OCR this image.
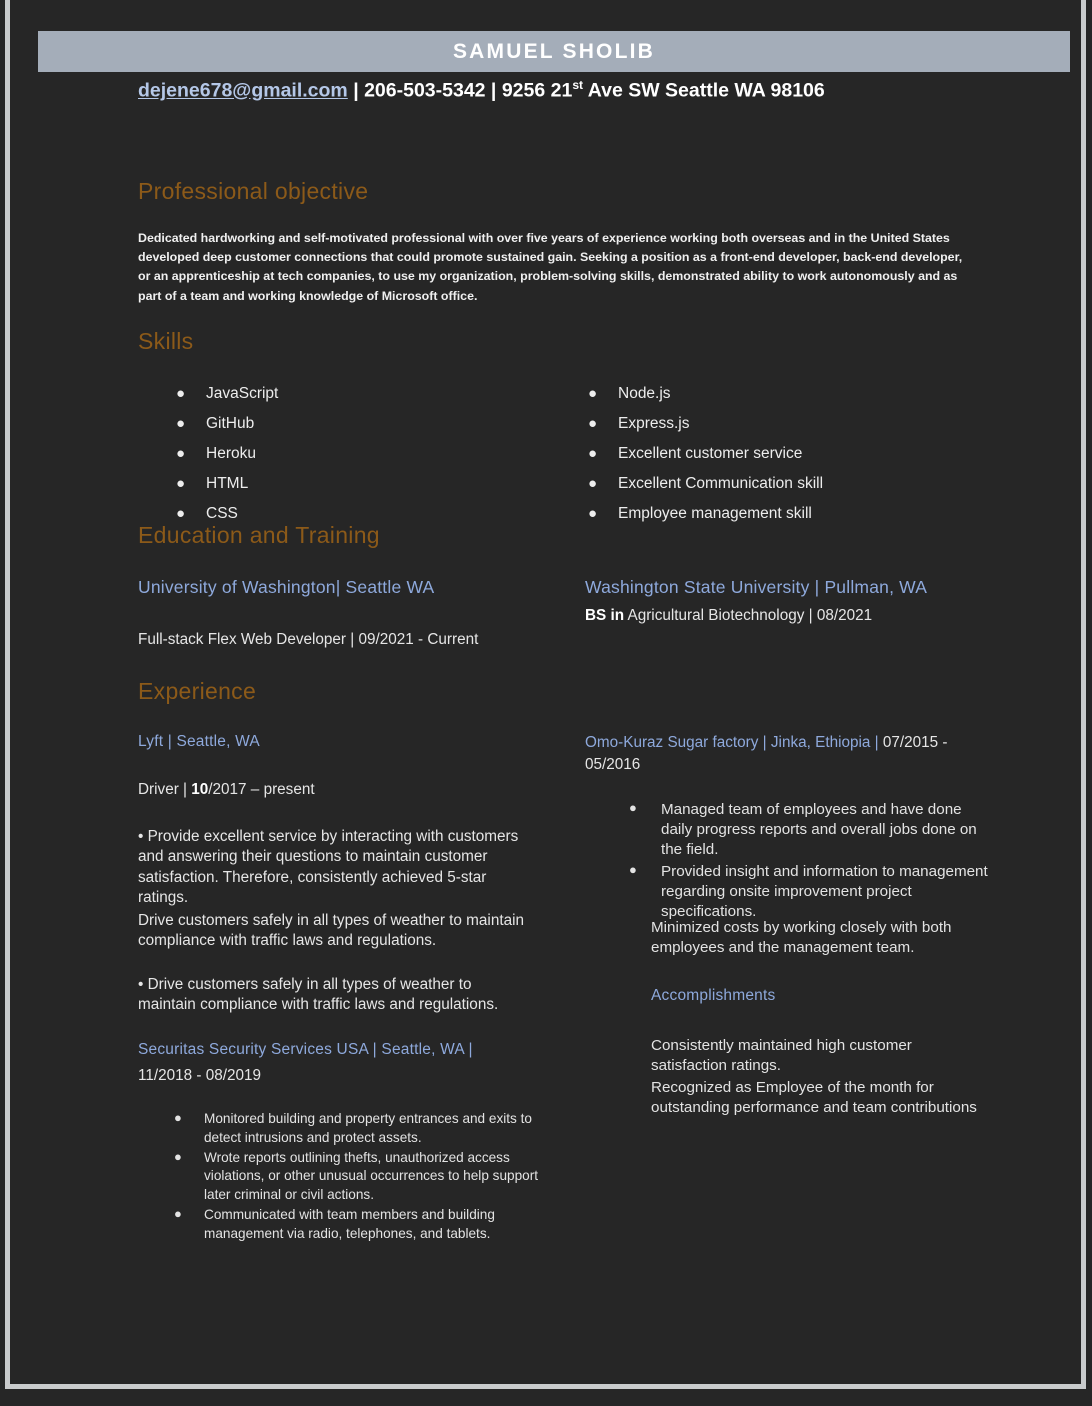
SAMUEL SHOLIB
dejene678@gmail.com | 206-503-5342 | 9256 21st Ave SW Seattle WA 98106
Professional objective
Dedicated hardworking and self-motivated professional with over five years of experience working both overseas and in the United States developed deep customer connections that could promote sustained gain. Seeking a position as a front-end developer, back-end developer, or an apprenticeship at tech companies, to use my organization, problem-solving skills, demonstrated ability to work autonomously and as part of a team and working knowledge of Microsoft office.
Skills
● JavaScript
● GitHub
● Heroku
● HTML
● CSS
● Node.js
● Express.js
● Excellent customer service
● Excellent Communication skill
● Employee management skill
Education and Training
University of Washington| Seattle WA
Full-stack Flex Web Developer | 09/2021 - Current
Washington State University | Pullman, WA
BS in Agricultural Biotechnology | 08/2021
Experience
Lyft | Seattle, WA
Driver | 10/2017 – present
• Provide excellent service by interacting with customers and answering their questions to maintain customer satisfaction. Therefore, consistently achieved 5-star ratings.
Drive customers safely in all types of weather to maintain compliance with traffic laws and regulations.
• Drive customers safely in all types of weather to maintain compliance with traffic laws and regulations.
Securitas Security Services USA | Seattle, WA |
11/2018 - 08/2019
● Monitored building and property entrances and exits to detect intrusions and protect assets.
● Wrote reports outlining thefts, unauthorized access violations, or other unusual occurrences to help support later criminal or civil actions.
● Communicated with team members and building management via radio, telephones, and tablets.
Omo-Kuraz Sugar factory | Jinka, Ethiopia | 07/2015 - 05/2016
● Managed team of employees and have done daily progress reports and overall jobs done on the field.
● Provided insight and information to management regarding onsite improvement project specifications.
Minimized costs by working closely with both employees and the management team.
Accomplishments
Consistently maintained high customer satisfaction ratings.
Recognized as Employee of the month for outstanding performance and team contributions
